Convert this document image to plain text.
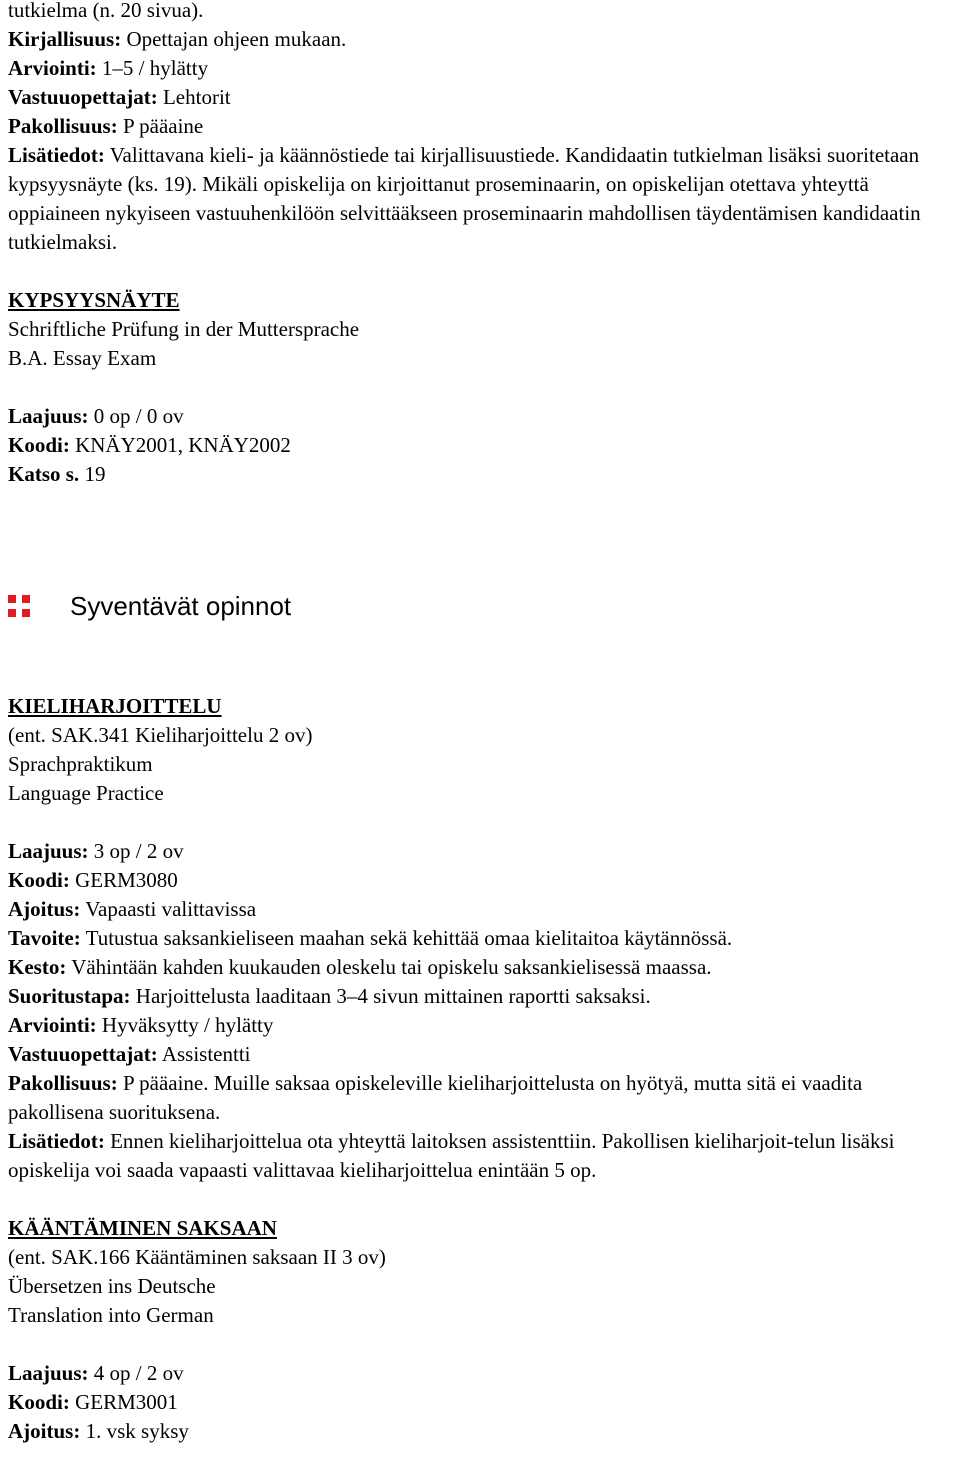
tutkielma (n. 20 sivua).

Kirjallisuus: Opettajan ohjeen mukaan.

Arviointi: 1–5 / hylätty

Vastuuopettajat: Lehtorit

Pakollisuus: P pääaine

Lisätiedot: Valittavana kieli- ja käännöstiede tai kirjallisuustiede. Kandidaatin tutkielman lisäksi suoritetaan kypsyysnäyte (ks. 19). Mikäli opiskelija on kirjoittanut proseminaarin, on opiskelijan otettava yhteyttä oppiaineen nykyiseen vastuuhenkilöön selvittääkseen proseminaarin mahdollisen täydentämisen kandidaatin tutkielmaksi.

KYPSYYSNÄYTE

Schriftliche Prüfung in der Muttersprache

B.A. Essay Exam

Laajuus: 0 op / 0 ov

Koodi: KNÄY2001, KNÄY2002

Katso s. 19

KIELIHARJOITTELU

(ent. SAK.341 Kieliharjoittelu 2 ov)

Sprachpraktikum

Language Practice

Laajuus: 3 op / 2 ov

Koodi: GERM3080

Ajoitus: Vapaasti valittavissa

Tavoite: Tutustua saksankieliseen maahan sekä kehittää omaa kielitaitoa käytännössä.

Kesto: Vähintään kahden kuukauden oleskelu tai opiskelu saksankielisessä maassa.

Suoritustapa: Harjoittelusta laaditaan 3–4 sivun mittainen raportti saksaksi.

Arviointi: Hyväksytty / hylätty

Vastuuopettajat: Assistentti

Pakollisuus: P pääaine. Muille saksaa opiskeleville kieliharjoittelusta on hyötyä, mutta sitä ei vaadita pakollisena suorituksena.

Lisätiedot: Ennen kieliharjoittelua ota yhteyttä laitoksen assistenttiin. Pakollisen kieliharjoit-telun lisäksi opiskelija voi saada vapaasti valittavaa kieliharjoittelua enintään 5 op.

KÄÄNTÄMINEN SAKSAAN

(ent. SAK.166 Kääntäminen saksaan II 3 ov)

Übersetzen ins Deutsche

Translation into German

Laajuus: 4 op / 2 ov

Koodi: GERM3001

Ajoitus: 1. vsk syksy

Syventävät opinnot
